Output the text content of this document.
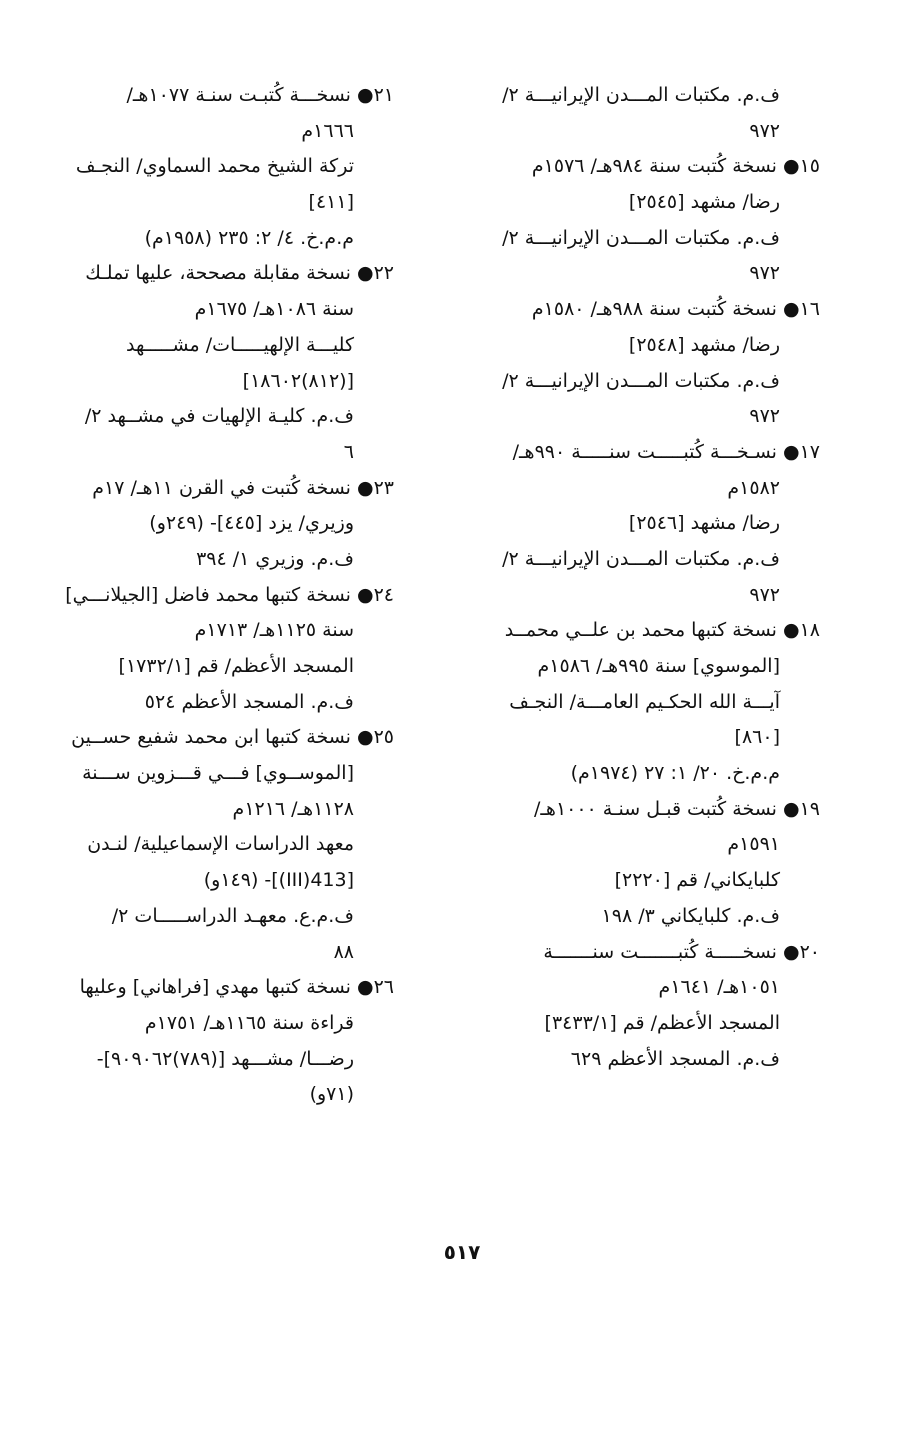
ف.م. مكتبات المـــدن الإيرانيـــة ٢/
٩٧٢
١٥● نسخة كُتبت سنة ٩٨٤هـ/ ١٥٧٦م
رضا/ مشهد [٢٥٤٥]
ف.م. مكتبات المـــدن الإيرانيـــة ٢/
٩٧٢
١٦● نسخة كُتبت سنة ٩٨٨هـ/ ١٥٨٠م
رضا/ مشهد [٢٥٤٨]
ف.م. مكتبات المـــدن الإيرانيـــة ٢/
٩٧٢
١٧● نسـخـــة كُتبـــــت سنـــــة ٩٩٠هـ/
١٥٨٢م
رضا/ مشهد [٢٥٤٦]
ف.م. مكتبات المـــدن الإيرانيـــة ٢/
٩٧٢
١٨● نسخة كتبها محمد بن علــي محمــد
[الموسوي] سنة ٩٩٥هـ/ ١٥٨٦م
آيـــة الله الحكـيم العامـــة/ النجـف
[٨٦٠]
م.م.خ. ٢٠/ ١: ٢٧ (١٩٧٤م)
١٩● نسخة كُتبت قبـل سنـة ١٠٠٠هـ/
١٥٩١م
كلبايكاني/ قم [٢٢٢٠]
ف.م. كلبايكاني ٣/ ١٩٨
٢٠● نسخـــــة كُتبـــــــت سنـــــــة
١٠٥١هـ/ ١٦٤١م
المسجد الأعظم/ قم [٣٤٣٣/١]
ف.م. المسجد الأعظم ٦٢٩
٢١● نسخـــة كُتبـت سنـة ١٠٧٧هـ/
١٦٦٦م
تركة الشيخ محمد السماوي/ النجـف
[٤١١]
م.م.خ. ٤/ ٢: ٢٣٥ (١٩٥٨م)
٢٢● نسخة مقابلة مصححة، عليها تملـك
سنة ١٠٨٦هـ/ ١٦٧٥م
كليـــة الإلهيـــــات/ مشـــــهد
[(٨١٢)١٨٦٠٢]
ف.م. كليـة الإلهيات في مشــهد ٢/
٦
٢٣● نسخة كُتبت في القرن ١١هـ/ ١٧م
وزيري/ يزد [٤٤٥]- (٢٤٩و)
ف.م. وزيري ١/ ٣٩٤
٢٤● نسخة كتبها محمد فاضل [الجيلانـــي]
سنة ١١٢٥هـ/ ١٧١٣م
المسجد الأعظم/ قم [١٧٣٢/١]
ف.م. المسجد الأعظم ٥٢٤
٢٥● نسخة كتبها ابن محمد شفيع حســين
[الموســوي] فـــي قـــزوين ســـنة
١١٢٨هـ/ ١٢١٦م
معهد الدراسات الإسماعيلية/ لنـدن
[413(III)]- (١٤٩و)
ف.م.ع. معهـد الدراســـــات ٢/
٨٨
٢٦● نسخة كتبها مهدي [فراهاني] وعليها
قراءة سنة ١١٦٥هـ/ ١٧٥١م
رضـــا/ مشـــهد [(٧٨٩)٩٠٩٠٦٢]-
(٧١و)
٥١٧
